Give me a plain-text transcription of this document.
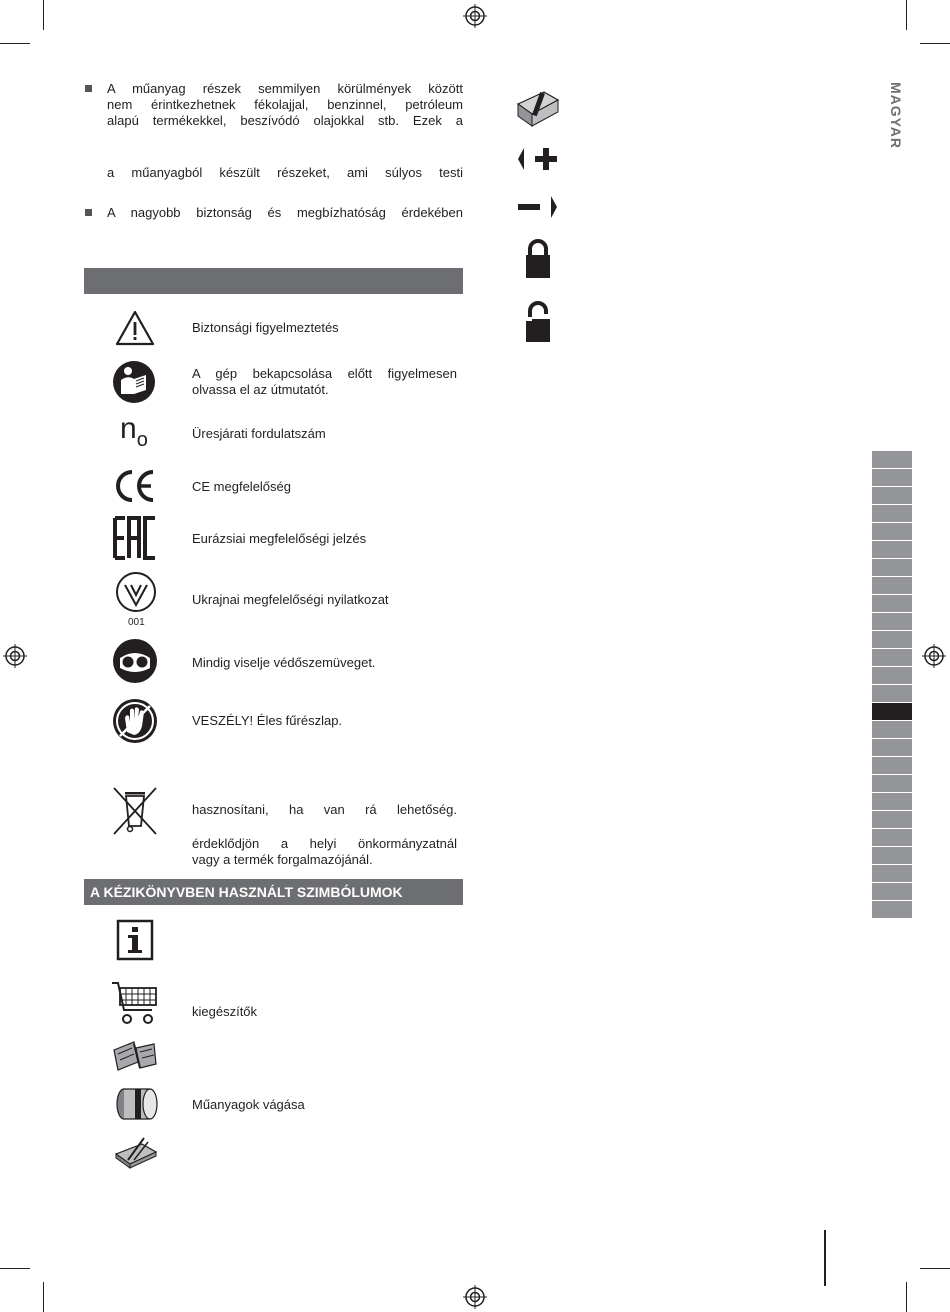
MAGYAR
A műanyag részek semmilyen körülmények között
nem érintkezhetnek fékolajjal, benzinnel, petróleum
alapú termékekkel, beszívódó olajokkal stb. Ezek a
a műanyagból készült részeket, ami súlyos testi
A nagyobb biztonság és megbízhatóság érdekében
Biztonsági figyelmeztetés
A gép bekapcsolása előtt figyelmesen
olvassa el az útmutatót.
$n_o$	Üresjárati fordulatszám
CE megfelelőség
Eurázsiai megfelelőségi jelzés
001
Ukrajnai megfelelőségi nyilatkozat
Mindig viselje védőszemüveget.
VESZÉLY! Éles fűrészlap.
hasznosítani, ha van rá lehetőség.
érdeklődjön a helyi önkormányzatnál
vagy a termék forgalmazójánál.
A KÉZIKÖNYVBEN HASZNÁLT SZIMBÓLUMOK
kiegészítők
Műanyagok vágása
